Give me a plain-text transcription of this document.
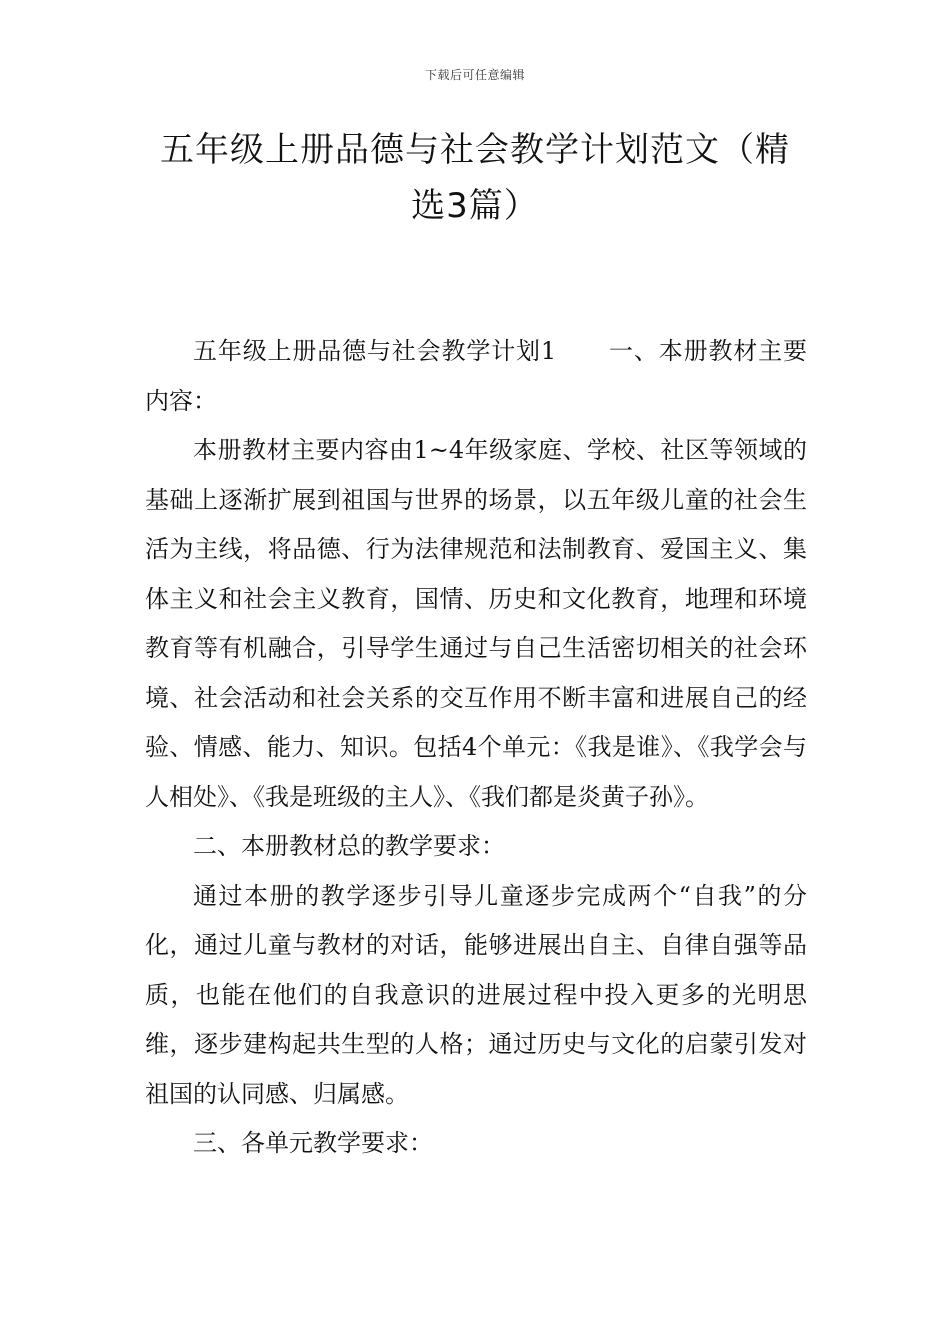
下载后可任意编辑
五年级上册品德与社会教学计划范文（精选3篇）

五年级上册品德与社会教学计划1 一、本册教材主要内容：

本册教材主要内容由1~4年级家庭、学校、社区等领域的基础上逐渐扩展到祖国与世界的场景，以五年级儿童的社会生活为主线，将品德、行为法律规范和法制教育、爱国主义、集体主义和社会主义教育，国情、历史和文化教育，地理和环境教育等有机融合，引导学生通过与自己生活密切相关的社会环境、社会活动和社会关系的交互作用不断丰富和进展自己的经验、情感、能力、知识。包括4个单元：《我是谁》、《我学会与人相处》、《我是班级的主人》、《我们都是炎黄子孙》。

二、本册教材总的教学要求：

通过本册的教学逐步引导儿童逐步完成两个“自我”的分化，通过儿童与教材的对话，能够进展出自主、自律自强等品质，也能在他们的自我意识的进展过程中投入更多的光明思维，逐步建构起共生型的人格；通过历史与文化的启蒙引发对祖国的认同感、归属感。

三、各单元教学要求：
